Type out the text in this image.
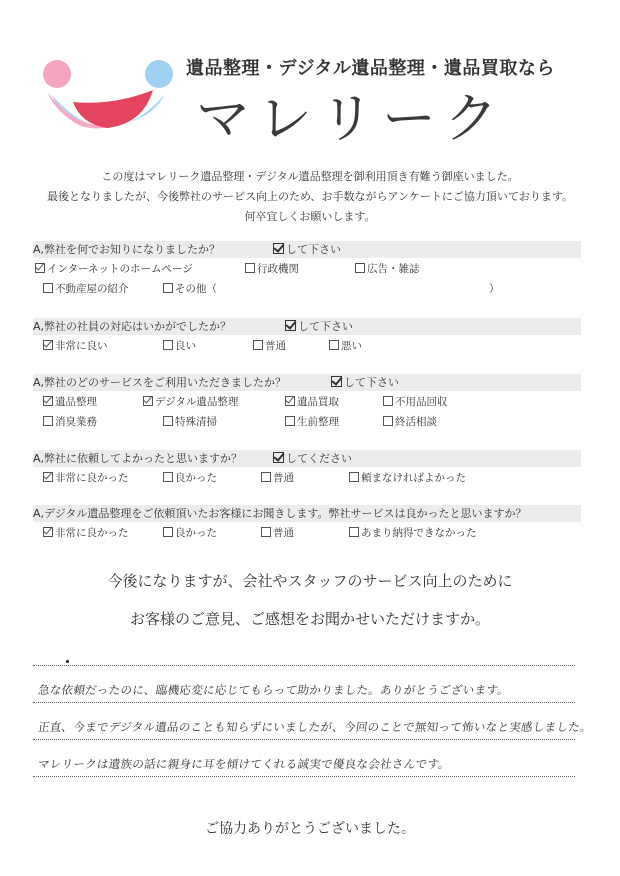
遺品整理・デジタル遺品整理・遺品買取なら
マレリーク
この度はマレリーク遺品整理・デジタル遺品整理を御利用頂き有難う御座いました。
最後となりましたが、今後弊社のサービス向上のため、お手数ながらアンケートにご協力頂いております。
何卒宜しくお願いします。
A,弊社を何でお知りになりましたか？	して下さい
インターネットのホームページ	行政機関	広告・雑誌
不動産屋の紹介	その他（	）
A,弊社の社員の対応はいかがでしたか？	して下さい
非常に良い	良い	普通	悪い
A,弊社のどのサービスをご利用いただきましたか？	して下さい
遺品整理	デジタル遺品整理	遺品買取	不用品回収
消臭業務	特殊清掃	生前整理	終活相談
A,弊社に依頼してよかったと思いますか？	してください
非常に良かった	良かった	普通	頼まなければよかった
A,デジタル遺品整理をご依頼頂いたお客様にお聞きします。弊社サービスは良かったと思いますか？
非常に良かった	良かった	普通	あまり納得できなかった
今後になりますが、会社やスタッフのサービス向上のために
お客様のご意見、ご感想をお聞かせいただけますか。
急な依頼だったのに、臨機応変に応じてもらって助かりました。ありがとうございます。
正直、今までデジタル遺品のことも知らずにいましたが、今回のことで無知って怖いなと実感しました。
マレリークは遺族の話に親身に耳を傾けてくれる誠実で優良な会社さんです。
ご協力ありがとうございました。
